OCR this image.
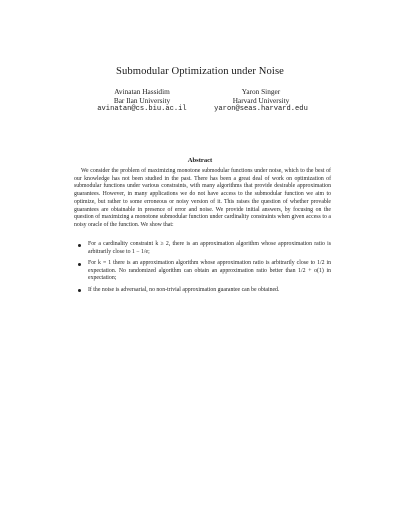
Submodular Optimization under Noise
Avinatan Hassidim
Bar Ilan University
avinatan@cs.biu.ac.il
Yaron Singer
Harvard University
yaron@seas.harvard.edu
Abstract

We consider the problem of maximizing monotone submodular functions under noise, which to the best of our knowledge has not been studied in the past. There has been a great deal of work on optimization of submodular functions under various constraints, with many algorithms that provide desirable approximation guarantees. However, in many applications we do not have access to the submodular function we aim to optimize, but rather to some erroneous or noisy version of it. This raises the question of whether provable guarantees are obtainable in presence of error and noise. We provide initial answers, by focusing on the question of maximizing a monotone submodular function under cardinality constraints when given access to a noisy oracle of the function. We show that:

For a cardinality constraint k ≥ 2, there is an approximation algorithm whose approximation ratio is arbitrarily close to 1 − 1/e;
For k = 1 there is an approximation algorithm whose approximation ratio is arbitrarily close to 1/2 in expectation. No randomized algorithm can obtain an approximation ratio better than 1/2 + o(1) in expectation;
If the noise is adversarial, no non-trivial approximation guarantee can be obtained.
